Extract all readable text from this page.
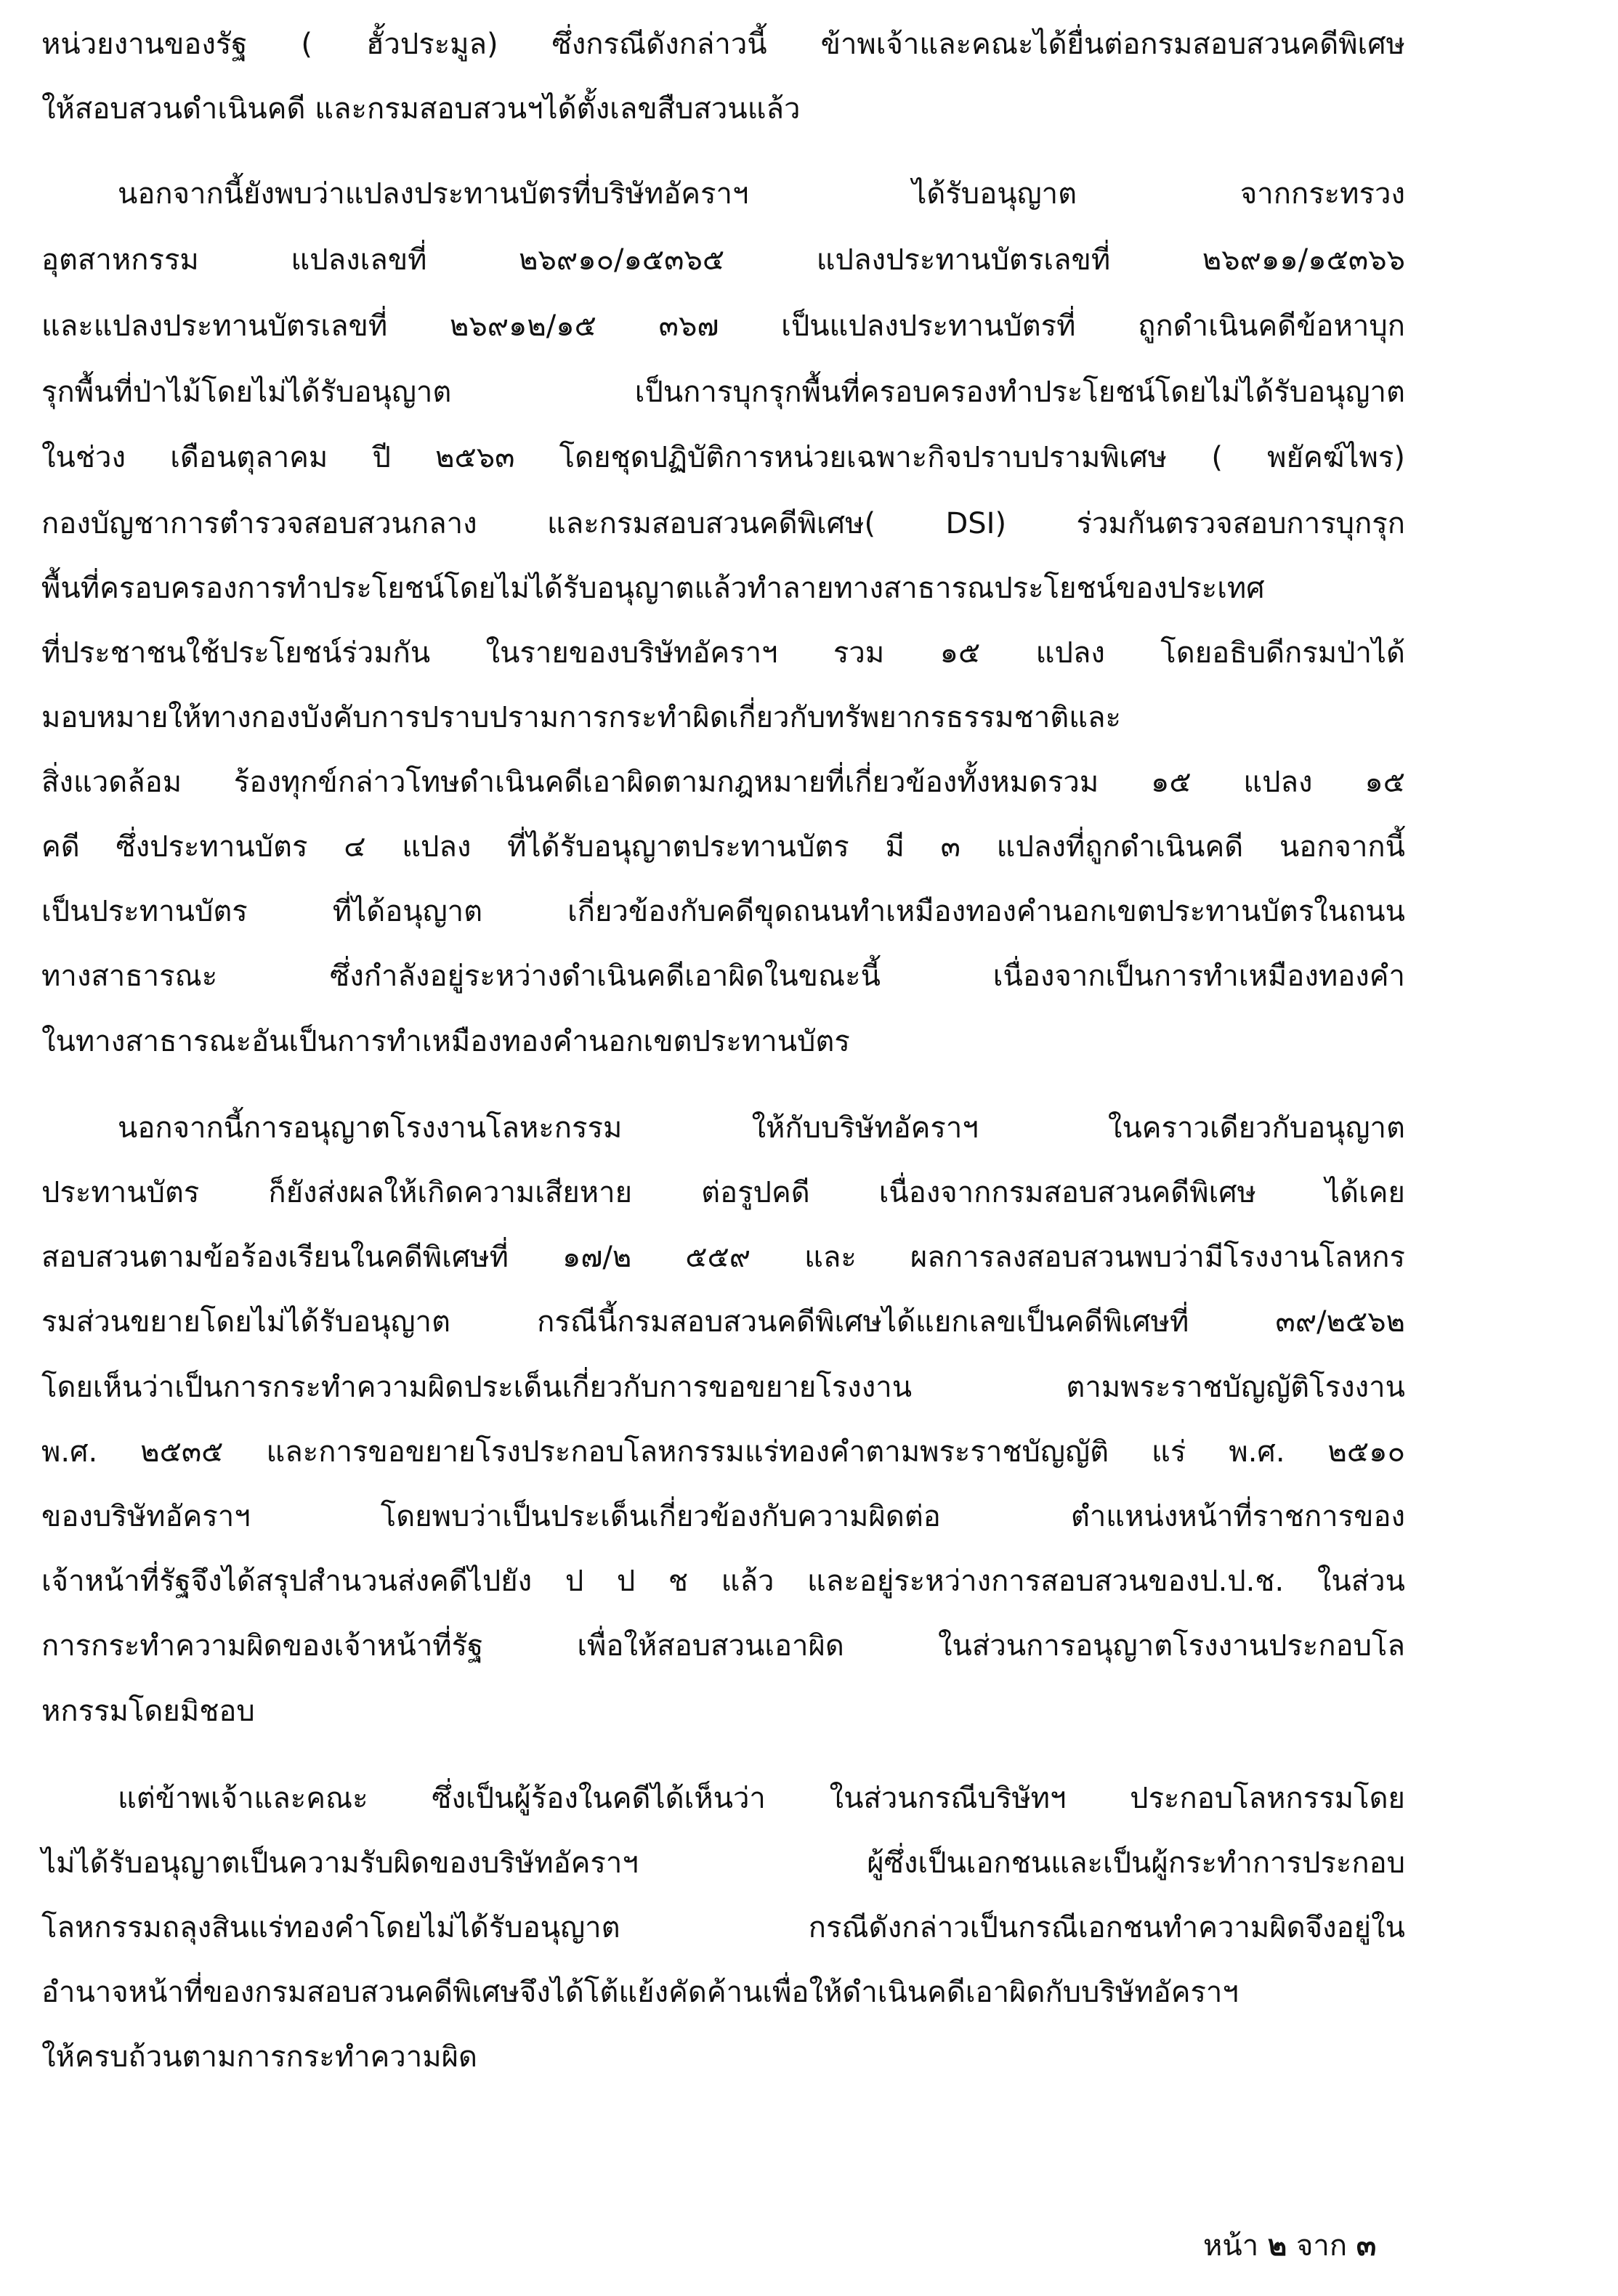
หน่วยงานของรัฐ ( ฮั้วประมูล) ซึ่งกรณีดังกล่าวนี้ ข้าพเจ้าและคณะได้ยื่นต่อกรมสอบสวนคดีพิเศษ
ให้สอบสวนดำเนินคดี และกรมสอบสวนฯได้ตั้งเลขสืบสวนแล้ว
นอกจากนี้ยังพบว่าแปลงประทานบัตรที่บริษัทอัคราฯ ได้รับอนุญาต จากกระทรวง
อุตสาหกรรม แปลงเลขที่ ๒๖๙๑๐/๑๕๓๖๕ แปลงประทานบัตรเลขที่ ๒๖๙๑๑/๑๕๓๖๖
และแปลงประทานบัตรเลขที่ ๒๖๙๑๒/๑๕ ๓๖๗ เป็นแปลงประทานบัตรที่ ถูกดำเนินคดีข้อหาบุก
รุกพื้นที่ป่าไม้โดยไม่ได้รับอนุญาต เป็นการบุกรุกพื้นที่ครอบครองทำประโยชน์โดยไม่ได้รับอนุญาต
ในช่วง เดือนตุลาคม ปี ๒๕๖๓ โดยชุดปฏิบัติการหน่วยเฉพาะกิจปราบปรามพิเศษ ( พยัคฆ์ไพร)
กองบัญชาการตำรวจสอบสวนกลาง และกรมสอบสวนคดีพิเศษ( DSI) ร่วมกันตรวจสอบการบุกรุก
พื้นที่ครอบครองการทำประโยชน์โดยไม่ได้รับอนุญาตแล้วทำลายทางสาธารณประโยชน์ของประเทศ
ที่ประชาชนใช้ประโยชน์ร่วมกัน ในรายของบริษัทอัคราฯ รวม ๑๕ แปลง โดยอธิบดีกรมป่าได้
มอบหมายให้ทางกองบังคับการปราบปรามการกระทำผิดเกี่ยวกับทรัพยากรธรรมชาติและ
สิ่งแวดล้อม ร้องทุกข์กล่าวโทษดำเนินคดีเอาผิดตามกฎหมายที่เกี่ยวข้องทั้งหมดรวม ๑๕ แปลง ๑๕
คดี ซึ่งประทานบัตร ๔ แปลง ที่ได้รับอนุญาตประทานบัตร มี ๓ แปลงที่ถูกดำเนินคดี นอกจากนี้
เป็นประทานบัตร ที่ได้อนุญาต เกี่ยวข้องกับคดีขุดถนนทำเหมืองทองคำนอกเขตประทานบัตรในถนน
ทางสาธารณะ ซึ่งกำลังอยู่ระหว่างดำเนินคดีเอาผิดในขณะนี้ เนื่องจากเป็นการทำเหมืองทองคำ
ในทางสาธารณะอันเป็นการทำเหมืองทองคำนอกเขตประทานบัตร
นอกจากนี้การอนุญาตโรงงานโลหะกรรม ให้กับบริษัทอัคราฯ ในคราวเดียวกับอนุญาต
ประทานบัตร ก็ยังส่งผลให้เกิดความเสียหาย ต่อรูปคดี เนื่องจากกรมสอบสวนคดีพิเศษ ได้เคย
สอบสวนตามข้อร้องเรียนในคดีพิเศษที่ ๑๗/๒ ๕๕๙ และ ผลการลงสอบสวนพบว่ามีโรงงานโลหกร
รมส่วนขยายโดยไม่ได้รับอนุญาต กรณีนี้กรมสอบสวนคดีพิเศษได้แยกเลขเป็นคดีพิเศษที่ ๓๙/๒๕๖๒
โดยเห็นว่าเป็นการกระทำความผิดประเด็นเกี่ยวกับการขอขยายโรงงาน ตามพระราชบัญญัติโรงงาน
พ.ศ. ๒๕๓๕ และการขอขยายโรงประกอบโลหกรรมแร่ทองคำตามพระราชบัญญัติ แร่ พ.ศ. ๒๕๑๐
ของบริษัทอัคราฯ โดยพบว่าเป็นประเด็นเกี่ยวข้องกับความผิดต่อ ตำแหน่งหน้าที่ราชการของ
เจ้าหน้าที่รัฐจึงได้สรุปสำนวนส่งคดีไปยัง ป ป ช แล้ว และอยู่ระหว่างการสอบสวนของป.ป.ช. ในส่วน
การกระทำความผิดของเจ้าหน้าที่รัฐ เพื่อให้สอบสวนเอาผิด ในส่วนการอนุญาตโรงงานประกอบโล
หกรรมโดยมิชอบ
แต่ข้าพเจ้าและคณะ ซึ่งเป็นผู้ร้องในคดีได้เห็นว่า ในส่วนกรณีบริษัทฯ ประกอบโลหกรรมโดย
ไม่ได้รับอนุญาตเป็นความรับผิดของบริษัทอัคราฯ ผู้ซึ่งเป็นเอกชนและเป็นผู้กระทำการประกอบ
โลหกรรมถลุงสินแร่ทองคำโดยไม่ได้รับอนุญาต กรณีดังกล่าวเป็นกรณีเอกชนทำความผิดจึงอยู่ใน
อำนาจหน้าที่ของกรมสอบสวนคดีพิเศษจึงได้โต้แย้งคัดค้านเพื่อให้ดำเนินคดีเอาผิดกับบริษัทอัคราฯ
ให้ครบถ้วนตามการกระทำความผิด
หน้า ๒ จาก ๓
